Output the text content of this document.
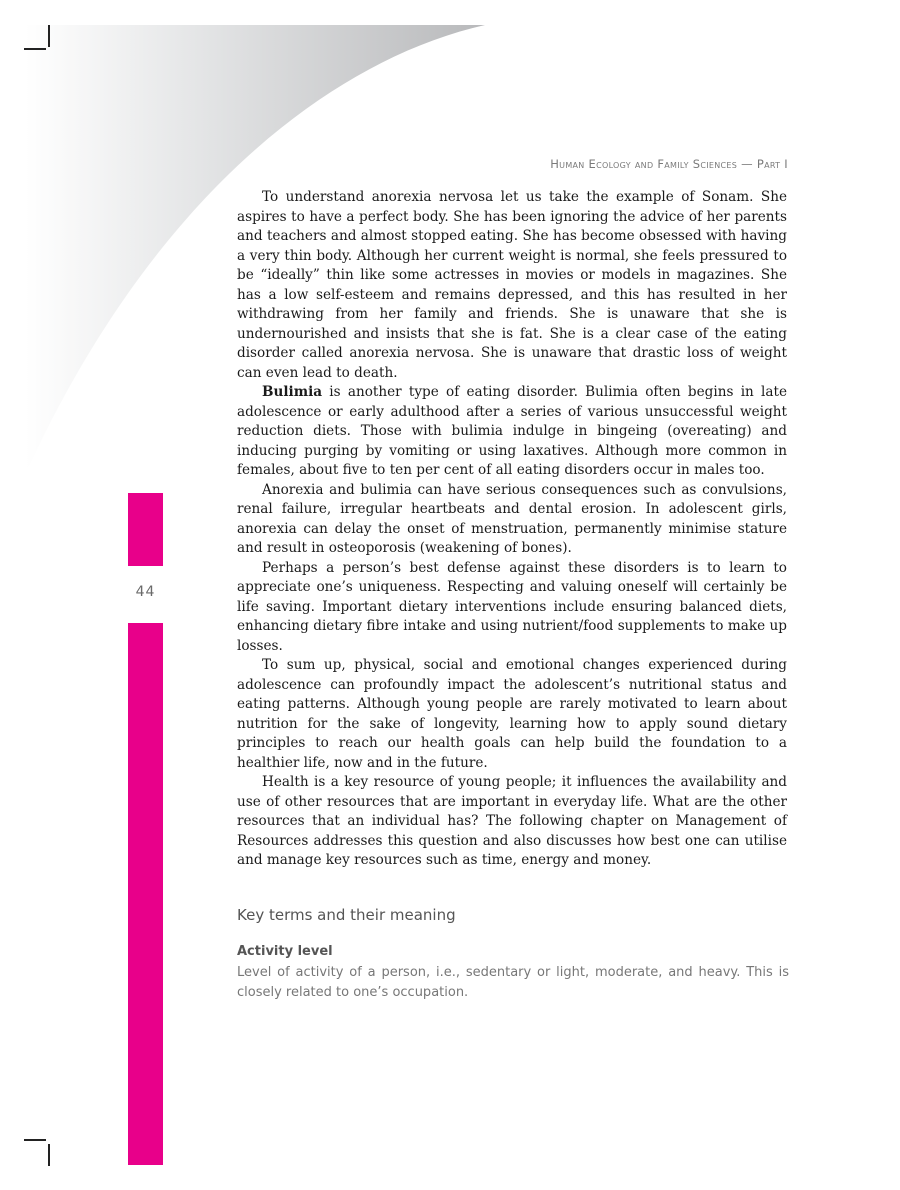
44
Human Ecology and Family Sciences — Part I

To understand anorexia nervosa let us take the example of Sonam. She aspires to have a perfect body. She has been ignoring the advice of her parents and teachers and almost stopped eating. She has become obsessed with having a very thin body. Although her current weight is normal, she feels pressured to be “ideally” thin like some actresses in movies or models in magazines. She has a low self-esteem and remains depressed, and this has resulted in her withdrawing from her family and friends. She is unaware that she is undernourished and insists that she is fat. She is a clear case of the eating disorder called anorexia nervosa. She is unaware that drastic loss of weight can even lead to death.

Bulimia is another type of eating disorder. Bulimia often begins in late adolescence or early adulthood after a series of various unsuccessful weight reduction diets. Those with bulimia indulge in bingeing (overeating) and inducing purging by vomiting or using laxatives. Although more common in females, about five to ten per cent of all eating disorders occur in males too.

Anorexia and bulimia can have serious consequences such as convulsions, renal failure, irregular heartbeats and dental erosion. In adolescent girls, anorexia can delay the onset of menstruation, permanently minimise stature and result in osteoporosis (weakening of bones).

Perhaps a person’s best defense against these disorders is to learn to appreciate one’s uniqueness. Respecting and valuing oneself will certainly be life saving. Important dietary interventions include ensuring balanced diets, enhancing dietary fibre intake and using nutrient/food supplements to make up losses.

To sum up, physical, social and emotional changes experienced during adolescence can profoundly impact the adolescent’s nutritional status and eating patterns. Although young people are rarely motivated to learn about nutrition for the sake of longevity, learning how to apply sound dietary principles to reach our health goals can help build the foundation to a healthier life, now and in the future.

Health is a key resource of young people; it influences the availability and use of other resources that are important in everyday life. What are the other resources that an individual has? The following chapter on Management of Resources addresses this question and also discusses how best one can utilise and manage key resources such as time, energy and money.

Key terms and their meaning
Activity level

Level of activity of a person, i.e., sedentary or light, moderate, and heavy. This is closely related to one’s occupation.
